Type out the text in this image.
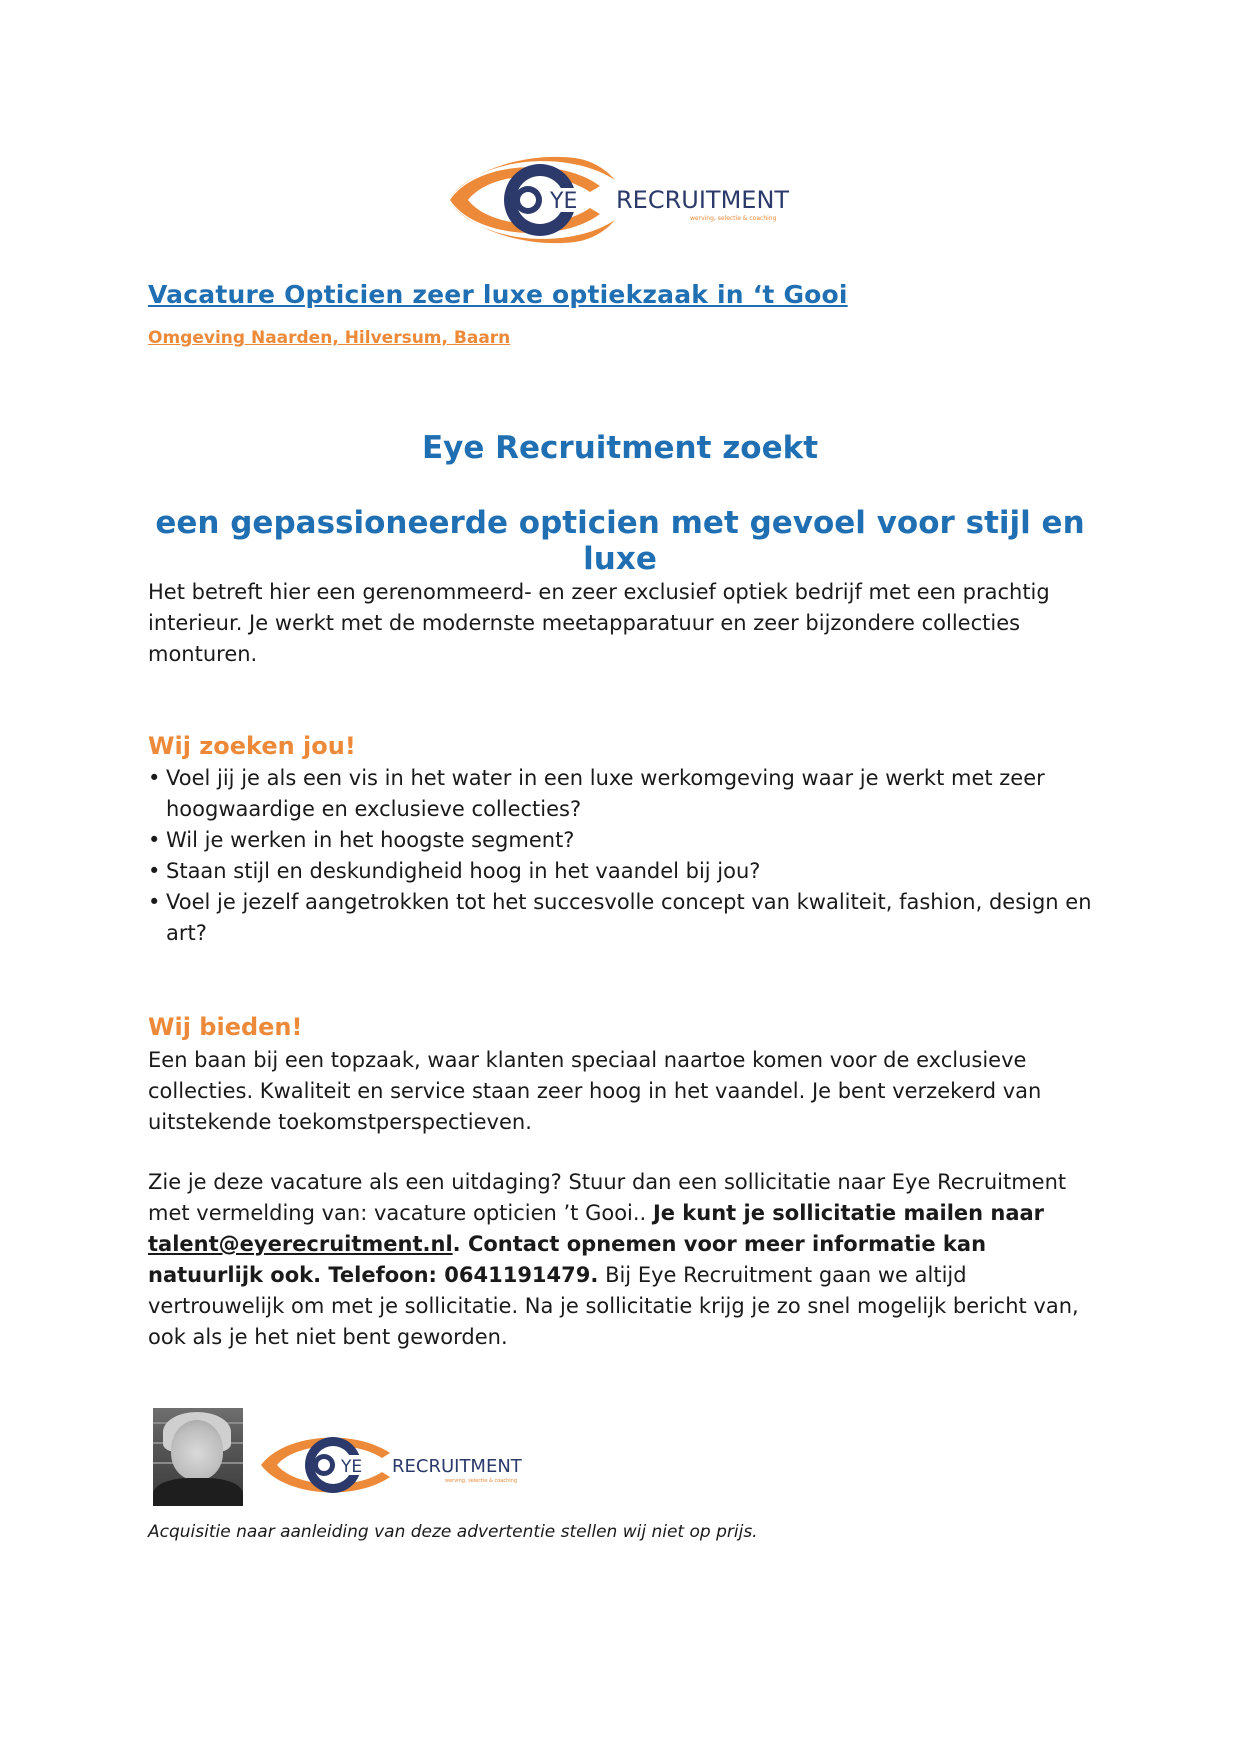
YE RECRUITMENT
werving, selectie & coaching
Vacature Opticien zeer luxe optiekzaak in ‘t Gooi

Omgeving Naarden, Hilversum, Baarn

Eye Recruitment zoekt
een gepassioneerde opticien met gevoel voor stijl en luxe

Het betreft hier een gerenommeerd- en zeer exclusief optiek bedrijf met een prachtig interieur. Je werkt met de modernste meetapparatuur en zeer bijzondere collecties monturen.

Wij zoeken jou!
• Voel jij je als een vis in het water in een luxe werkomgeving waar je werkt met zeer hoogwaardige en exclusieve collecties?
• Wil je werken in het hoogste segment?
• Staan stijl en deskundigheid hoog in het vaandel bij jou?
• Voel je jezelf aangetrokken tot het succesvolle concept van kwaliteit, fashion, design en art?
Wij bieden!

Een baan bij een topzaak, waar klanten speciaal naartoe komen voor de exclusieve collecties. Kwaliteit en service staan zeer hoog in het vaandel. Je bent verzekerd van uitstekende toekomstperspectieven.

Zie je deze vacature als een uitdaging? Stuur dan een sollicitatie naar Eye Recruitment met vermelding van: vacature opticien ’t Gooi.. Je kunt je sollicitatie mailen naar talent@eyerecruitment.nl. Contact opnemen voor meer informatie kan natuurlijk ook. Telefoon: 0641191479. Bij Eye Recruitment gaan we altijd vertrouwelijk om met je sollicitatie. Na je sollicitatie krijg je zo snel mogelijk bericht van, ook als je het niet bent geworden.

YE RECRUITMENT
werving, selectie & coaching

Acquisitie naar aanleiding van deze advertentie stellen wij niet op prijs.
